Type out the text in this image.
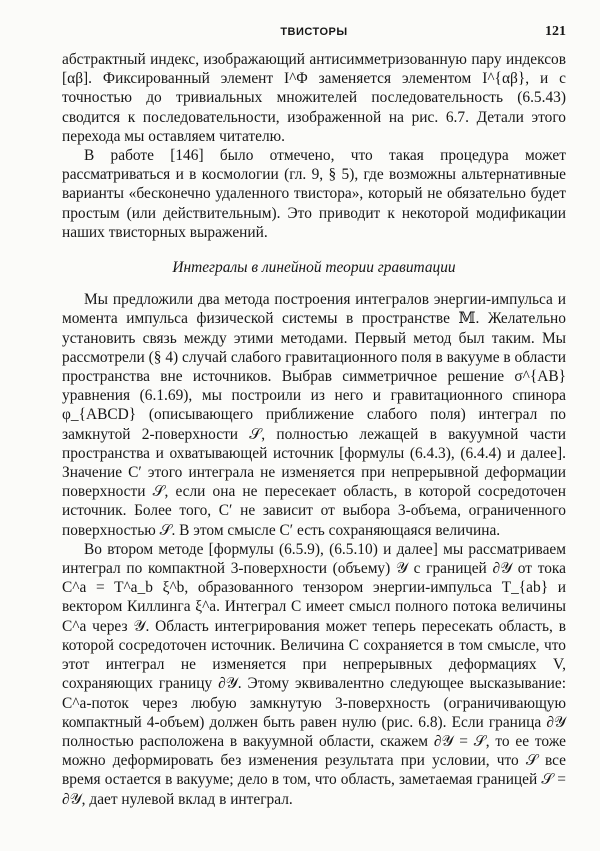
ТВИСТОРЫ	121

абстрактный индекс, изображающий антисимметризованную пару индексов [αβ]. Фиксированный элемент I^Φ заменяется элементом I^{αβ}, и с точностью до тривиальных множителей последовательность (6.5.43) сводится к последовательности, изображенной на рис. 6.7. Детали этого перехода мы оставляем читателю.

В работе [146] было отмечено, что такая процедура может рассматриваться и в космологии (гл. 9, § 5), где возможны альтернативные варианты «бесконечно удаленного твистора», который не обязательно будет простым (или действительным). Это приводит к некоторой модификации наших твисторных выражений.

Интегралы в линейной теории гравитации

Мы предложили два метода построения интегралов энергии-импульса и момента импульса физической системы в пространстве 𝕄. Желательно установить связь между этими методами. Первый метод был таким. Мы рассмотрели (§ 4) случай слабого гравитационного поля в вакууме в области пространства вне источников. Выбрав симметричное решение σ^{AB} уравнения (6.1.69), мы построили из него и гравитационного спинора φ_{ABCD} (описывающего приближение слабого поля) интеграл по замкнутой 2-поверхности 𝒮, полностью лежащей в вакуумной части пространства и охватывающей источник [формулы (6.4.3), (6.4.4) и далее]. Значение C′ этого интеграла не изменяется при непрерывной деформации поверхности 𝒮, если она не пересекает область, в которой сосредоточен источник. Более того, C′ не зависит от выбора 3-объема, ограниченного поверхностью 𝒮. В этом смысле C′ есть сохраняющаяся величина.

Во втором методе [формулы (6.5.9), (6.5.10) и далее] мы рассматриваем интеграл по компактной 3-поверхности (объему) 𝒴 с границей ∂𝒴 от тока C^a = T^a_b ξ^b, образованного тензором энергии-импульса T_{ab} и вектором Киллинга ξ^a. Интеграл C имеет смысл полного потока величины C^a через 𝒴. Область интегрирования может теперь пересекать область, в которой сосредоточен источник. Величина C сохраняется в том смысле, что этот интеграл не изменяется при непрерывных деформациях V, сохраняющих границу ∂𝒴. Этому эквивалентно следующее высказывание: C^a-поток через любую замкнутую 3-поверхность (ограничивающую компактный 4-объем) должен быть равен нулю (рис. 6.8). Если граница ∂𝒴 полностью расположена в вакуумной области, скажем ∂𝒴 = 𝒮, то ее тоже можно деформировать без изменения результата при условии, что 𝒮 все время остается в вакууме; дело в том, что область, заметаемая границей 𝒮 = ∂𝒴, дает нулевой вклад в интеграл.
